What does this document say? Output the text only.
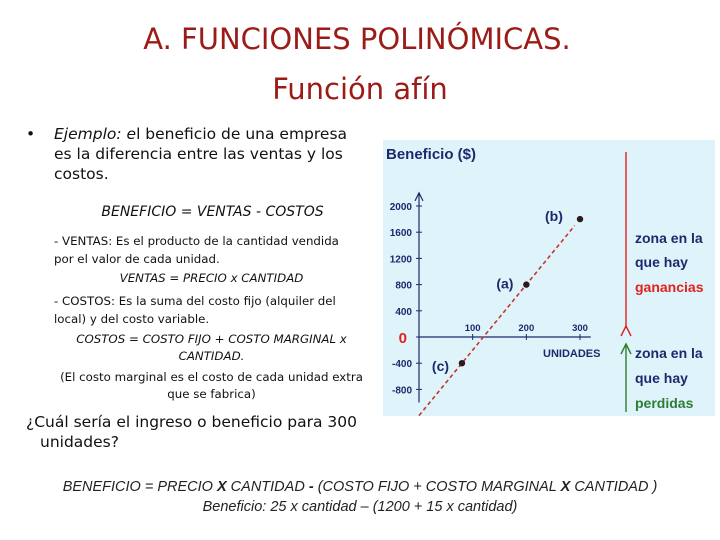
A. FUNCIONES POLINÓMICAS.
Función afín
•	Ejemplo: el beneficio de una empresa
es la diferencia entre las ventas y los
costos.
BENEFICIO = VENTAS - COSTOS
- VENTAS: Es el producto de la cantidad vendida
por el valor de cada unidad.
VENTAS = PRECIO x CANTIDAD
- COSTOS: Es la suma del costo fijo (alquiler del
local) y del costo variable.
COSTOS = COSTO FIJO + COSTO MARGINAL x
CANTIDAD.
(El costo marginal es el costo de cada unidad extra
que se fabrica)
¿Cuál sería el ingreso o beneficio para 300
unidades?
BENEFICIO = PRECIO X CANTIDAD - (COSTO FIJO + COSTO MARGINAL X CANTIDAD )
Beneficio: 25 x cantidad – (1200 + 15 x cantidad)
Beneficio ($)
UNIDADES
2000
1600
1200
800
400
0
-400
-800
100	200	300
(a)
(b)
(c)
zona en la
que hay
ganancias
zona en la
que hay
perdidas
